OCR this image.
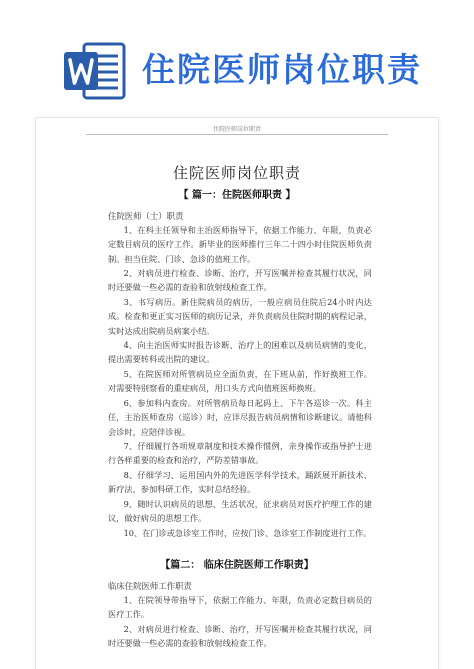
住院医师岗位职责
住院医师岗位职责
住院医师岗位职责
【 篇一：住院医师职责 】
住院医师（士）职责

1、在科主任领导和主治医师指导下，依据工作能力、年限，负责必定数目病员的医疗工作。新毕业的医师推行三年二十四小时住院医师负责制。担当住院、门诊、急诊的值班工作。

2、对病员进行检查、诊断、治疗，开写医嘱并检查其履行状况，同时还要做一些必需的查验和放射线检查工作。

3、书写病历。新住院病员的病历，一般应病员住院后24小时内达成。检查和更正实习医师的病历记录，并负责病员住院时期的病程记录，实时达成出院病员病案小结。

4、向主治医师实时报告诊断、治疗上的困难以及病员病情的变化，提出需要转科或出院的建议。

5、在院医师对所管病员应全面负责，在下班从前，作好换班工作。对需要特别察看的重症病员，用口头方式向值班医师换班。

6、参加科内查房。对所管病员每日起码上、下午各巡诊一次。科主任，主治医师查房（巡诊）时，应详尽报告病员病情和诊断建议。请他科会诊时，应陪伴诊视。

7、仔细履行各项规章制度和技术操作惯例，亲身操作或指导护士进行各样重要的检查和治疗，严防差错事故。

8、仔细学习、运用国内外的先进医学科学技术，踊跃展开新技术、新疗法，参加科研工作，实时总结经验。

9、随时认识病员的思想、生活状况，征求病员对医疗护理工作的建议，做好病员的思想工作。

10、在门诊或急诊室工作时，应按门诊、急诊室工作制度进行工作。

【篇二： 临床住院医师工作职责】
临床住院医师工作职责

1、在院领导带指导下，依据工作能力、年限，负责必定数目病员的医疗工作。

2、对病员进行检查、诊断、治疗，开写医嘱并检查其履行状况，同时还要做一些必需的查验和放射线检查工作。
